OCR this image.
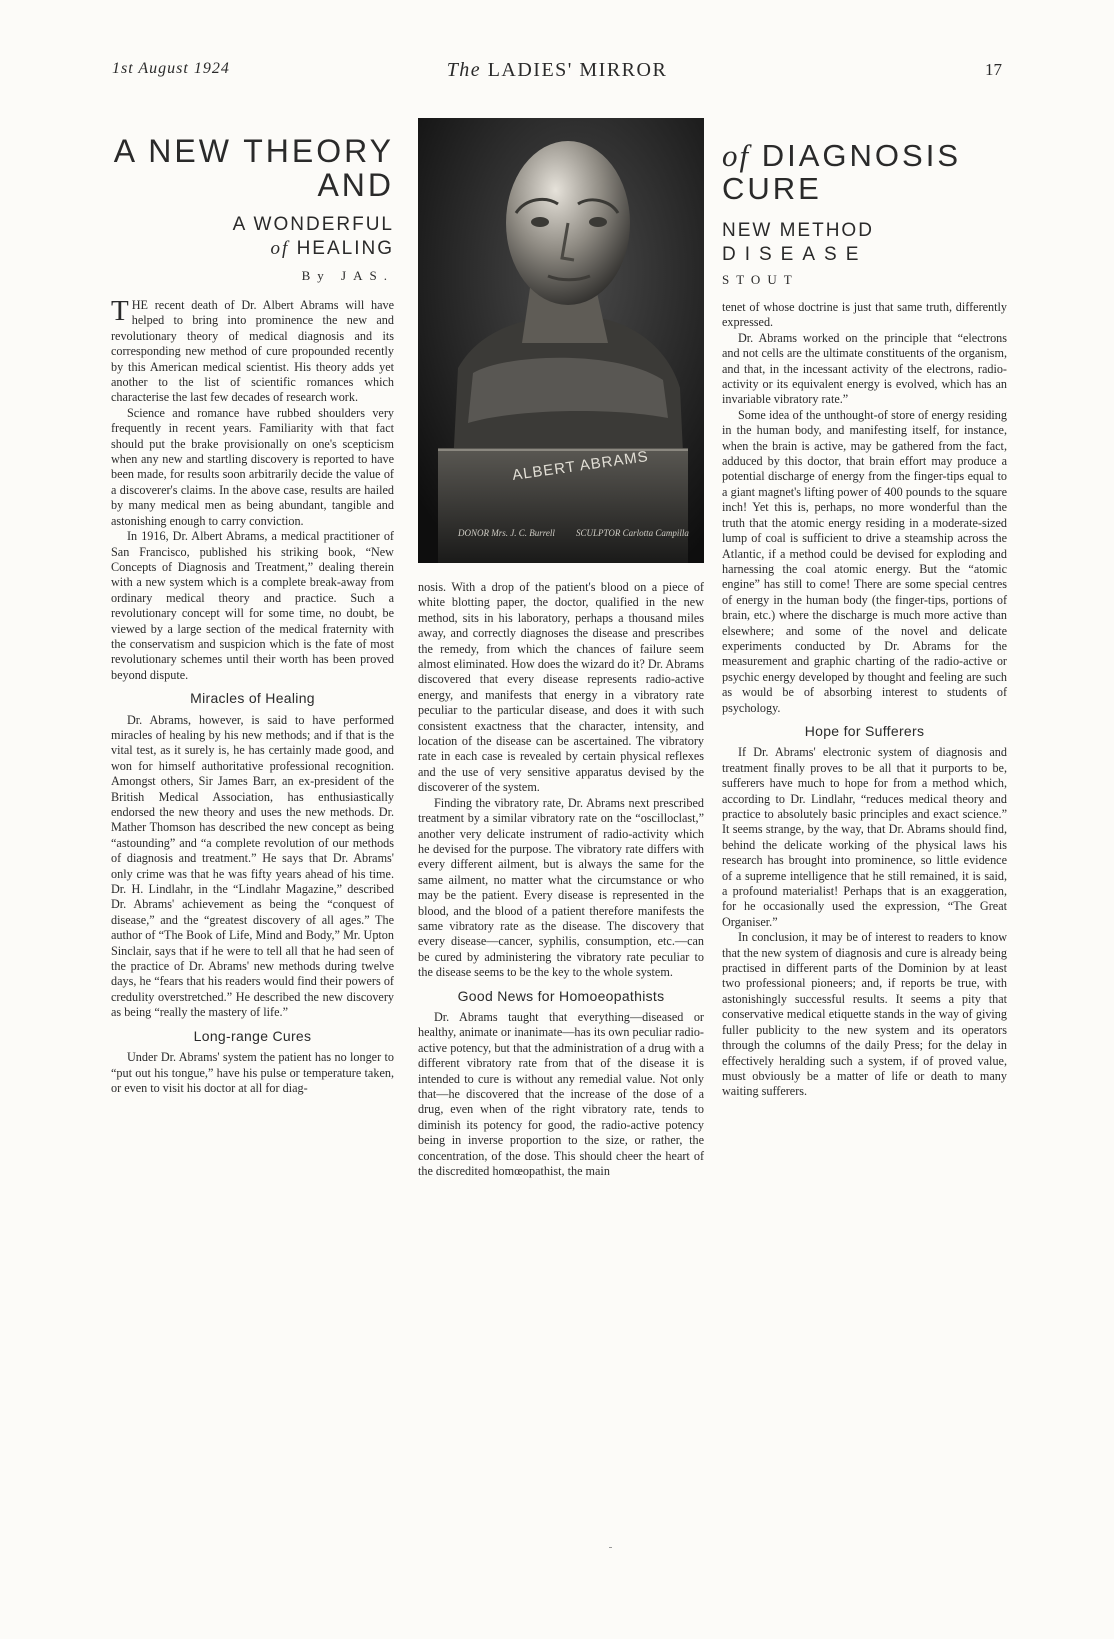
1st August 1924	The LADIES' MIRROR	17
A NEW THEORY
AND
of DIAGNOSIS
CURE
A WONDERFUL
of HEALING
NEW METHOD
DISEASE
By JAS.	STOUT
ALBERT ABRAMS
DONOR Mrs. J. C. Burrell SCULPTOR Carlotta Campilla

THE recent death of Dr. Albert Abrams will have helped to bring into prominence the new and revolutionary theory of medical diagnosis and its corresponding new method of cure propounded recently by this American medical scientist. His theory adds yet another to the list of scientific romances which characterise the last few decades of research work.

Science and romance have rubbed shoulders very frequently in recent years. Familiarity with that fact should put the brake provisionally on one's scepticism when any new and startling discovery is reported to have been made, for results soon arbitrarily decide the value of a discoverer's claims. In the above case, results are hailed by many medical men as being abundant, tangible and astonishing enough to carry conviction.

In 1916, Dr. Albert Abrams, a medical practitioner of San Francisco, published his striking book, “New Concepts of Diagnosis and Treatment,” dealing therein with a new system which is a complete break-away from ordinary medical theory and practice. Such a revolutionary concept will for some time, no doubt, be viewed by a large section of the medical fraternity with the conservatism and suspicion which is the fate of most revolutionary schemes until their worth has been proved beyond dispute.

Miracles of Healing

Dr. Abrams, however, is said to have performed miracles of healing by his new methods; and if that is the vital test, as it surely is, he has certainly made good, and won for himself authoritative professional recognition. Amongst others, Sir James Barr, an ex-president of the British Medical Association, has enthusiastically endorsed the new theory and uses the new methods. Dr. Mather Thomson has described the new concept as being “astounding” and “a complete revolution of our methods of diagnosis and treatment.” He says that Dr. Abrams' only crime was that he was fifty years ahead of his time. Dr. H. Lindlahr, in the “Lindlahr Magazine,” described Dr. Abrams' achievement as being the “conquest of disease,” and the “greatest discovery of all ages.” The author of “The Book of Life, Mind and Body,” Mr. Upton Sinclair, says that if he were to tell all that he had seen of the practice of Dr. Abrams' new methods during twelve days, he “fears that his readers would find their powers of credulity overstretched.” He described the new discovery as being “really the mastery of life.”

Long-range Cures

Under Dr. Abrams' system the patient has no longer to “put out his tongue,” have his pulse or temperature taken, or even to visit his doctor at all for diag-

nosis. With a drop of the patient's blood on a piece of white blotting paper, the doctor, qualified in the new method, sits in his laboratory, perhaps a thousand miles away, and correctly diagnoses the disease and prescribes the remedy, from which the chances of failure seem almost eliminated. How does the wizard do it? Dr. Abrams discovered that every disease represents radio-active energy, and manifests that energy in a vibratory rate peculiar to the particular disease, and does it with such consistent exactness that the character, intensity, and location of the disease can be ascertained. The vibratory rate in each case is revealed by certain physical reflexes and the use of very sensitive apparatus devised by the discoverer of the system.

Finding the vibratory rate, Dr. Abrams next prescribed treatment by a similar vibratory rate on the “oscilloclast,” another very delicate instrument of radio-activity which he devised for the purpose. The vibratory rate differs with every different ailment, but is always the same for the same ailment, no matter what the circumstance or who may be the patient. Every disease is represented in the blood, and the blood of a patient therefore manifests the same vibratory rate as the disease. The discovery that every disease—cancer, syphilis, consumption, etc.—can be cured by administering the vibratory rate peculiar to the disease seems to be the key to the whole system.

Good News for Homoeopathists

Dr. Abrams taught that everything—diseased or healthy, animate or inanimate—has its own peculiar radio-active potency, but that the administration of a drug with a different vibratory rate from that of the disease it is intended to cure is without any remedial value. Not only that—he discovered that the increase of the dose of a drug, even when of the right vibratory rate, tends to diminish its potency for good, the radio-active potency being in inverse proportion to the size, or rather, the concentration, of the dose. This should cheer the heart of the discredited homœopathist, the main

tenet of whose doctrine is just that same truth, differently expressed.

Dr. Abrams worked on the principle that “electrons and not cells are the ultimate constituents of the organism, and that, in the incessant activity of the electrons, radio-activity or its equivalent energy is evolved, which has an invariable vibratory rate.”

Some idea of the unthought-of store of energy residing in the human body, and manifesting itself, for instance, when the brain is active, may be gathered from the fact, adduced by this doctor, that brain effort may produce a potential discharge of energy from the finger-tips equal to a giant magnet's lifting power of 400 pounds to the square inch! Yet this is, perhaps, no more wonderful than the truth that the atomic energy residing in a moderate-sized lump of coal is sufficient to drive a steamship across the Atlantic, if a method could be devised for exploding and harnessing the coal atomic energy. But the “atomic engine” has still to come! There are some special centres of energy in the human body (the finger-tips, portions of brain, etc.) where the discharge is much more active than elsewhere; and some of the novel and delicate experiments conducted by Dr. Abrams for the measurement and graphic charting of the radio-active or psychic energy developed by thought and feeling are such as would be of absorbing interest to students of psychology.

Hope for Sufferers

If Dr. Abrams' electronic system of diagnosis and treatment finally proves to be all that it purports to be, sufferers have much to hope for from a method which, according to Dr. Lindlahr, “reduces medical theory and practice to absolutely basic principles and exact science.” It seems strange, by the way, that Dr. Abrams should find, behind the delicate working of the physical laws his research has brought into prominence, so little evidence of a supreme intelligence that he still remained, it is said, a profound materialist! Perhaps that is an exaggeration, for he occasionally used the expression, “The Great Organiser.”

In conclusion, it may be of interest to readers to know that the new system of diagnosis and cure is already being practised in different parts of the Dominion by at least two professional pioneers; and, if reports be true, with astonishingly successful results. It seems a pity that conservative medical etiquette stands in the way of giving fuller publicity to the new system and its operators through the columns of the daily Press; for the delay in effectively heralding such a system, if of proved value, must obviously be a matter of life or death to many waiting sufferers.
